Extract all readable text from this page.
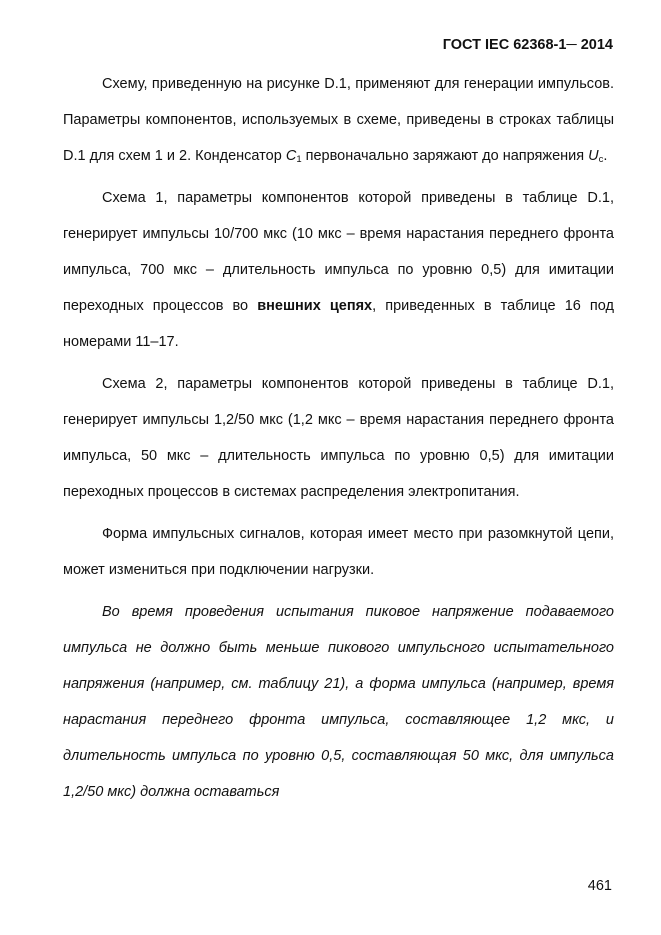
ГОСТ IEC 62368-1─ 2014

Схему, приведенную на рисунке D.1, применяют для генерации импульсов. Параметры компонентов, используемых в схеме, приведены в строках таблицы D.1 для схем 1 и 2. Конденсатор $C_1$ первоначально заряжают до напряжения $U_c$.

Схема 1, параметры компонентов которой приведены в таблице D.1, генерирует импульсы 10/700 мкс (10 мкс – время нарастания переднего фронта импульса, 700 мкс – длительность импульса по уровню 0,5) для имитации переходных процессов во внешних цепях, приведенных в таблице 16 под номерами 11–17.

Схема 2, параметры компонентов которой приведены в таблице D.1, генерирует импульсы 1,2/50 мкс (1,2 мкс – время нарастания переднего фронта импульса, 50 мкс – длительность импульса по уровню 0,5) для имитации переходных процессов в системах распределения электропитания.

Форма импульсных сигналов, которая имеет место при разомкнутой цепи, может измениться при подключении нагрузки.

Во время проведения испытания пиковое напряжение подаваемого импульса не должно быть меньше пикового импульсного испытательного напряжения (например, см. таблицу 21), а форма импульса (например, время нарастания переднего фронта импульса, составляющее 1,2 мкс, и длительность импульса по уровню 0,5, составляющая 50 мкс, для импульса 1,2/50 мкс) должна оставаться

461
